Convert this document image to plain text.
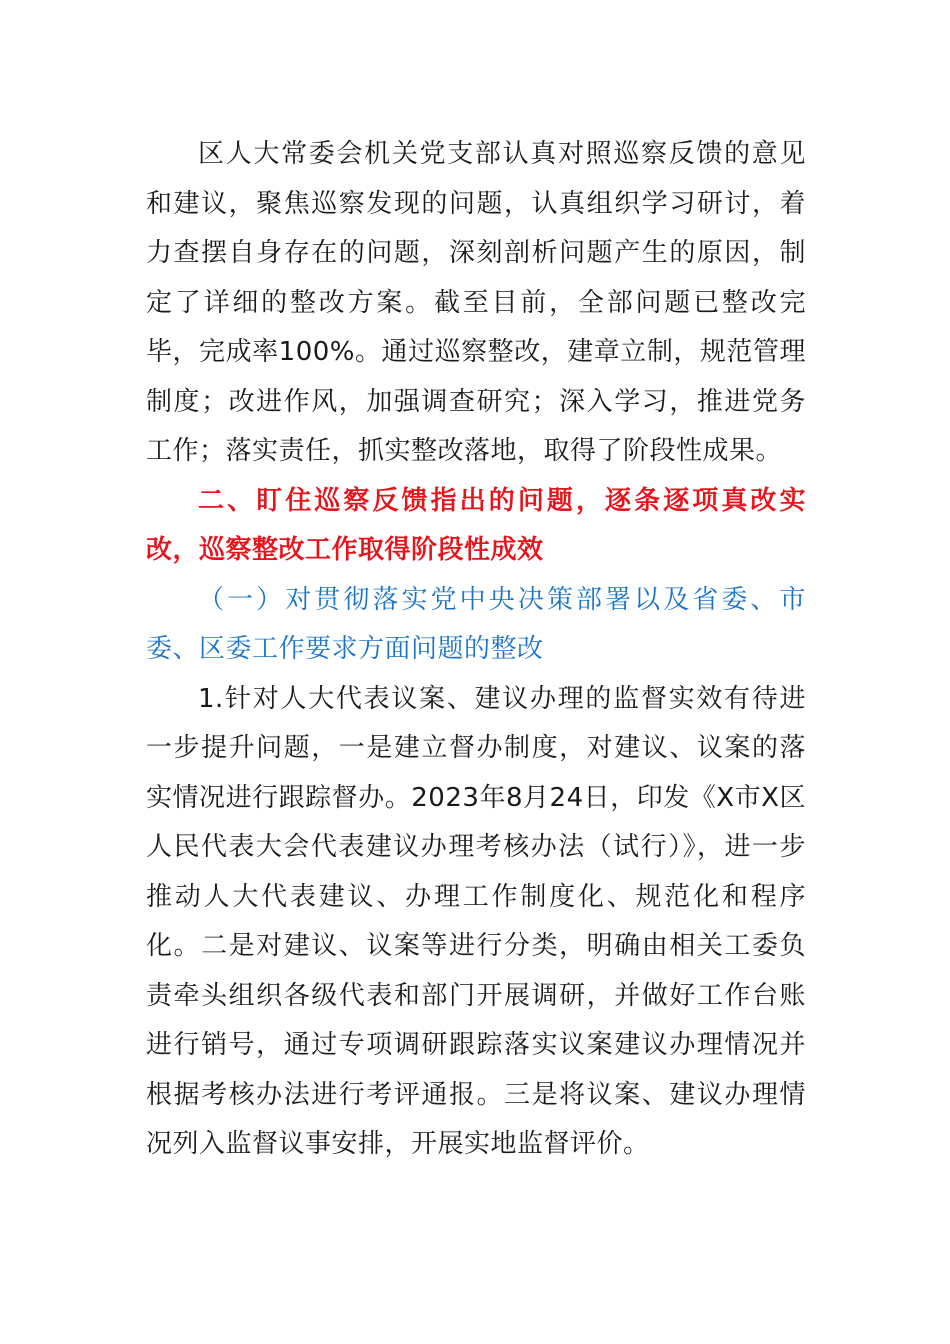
区人大常委会机关党支部认真对照巡察反馈的意见和建议，聚焦巡察发现的问题，认真组织学习研讨，着力查摆自身存在的问题，深刻剖析问题产生的原因，制定了详细的整改方案。截至目前，全部问题已整改完毕，完成率100%。通过巡察整改，建章立制，规范管理制度；改进作风，加强调查研究；深入学习，推进党务工作；落实责任，抓实整改落地，取得了阶段性成果。

二、盯住巡察反馈指出的问题，逐条逐项真改实改，巡察整改工作取得阶段性成效

（一）对贯彻落实党中央决策部署以及省委、市委、区委工作要求方面问题的整改

1.针对人大代表议案、建议办理的监督实效有待进一步提升问题，一是建立督办制度，对建议、议案的落实情况进行跟踪督办。2023年8月24日，印发《X市X区人民代表大会代表建议办理考核办法（试行）》，进一步推动人大代表建议、办理工作制度化、规范化和程序化。二是对建议、议案等进行分类，明确由相关工委负责牵头组织各级代表和部门开展调研，并做好工作台账进行销号，通过专项调研跟踪落实议案建议办理情况并根据考核办法进行考评通报。三是将议案、建议办理情况列入监督议事安排，开展实地监督评价。
